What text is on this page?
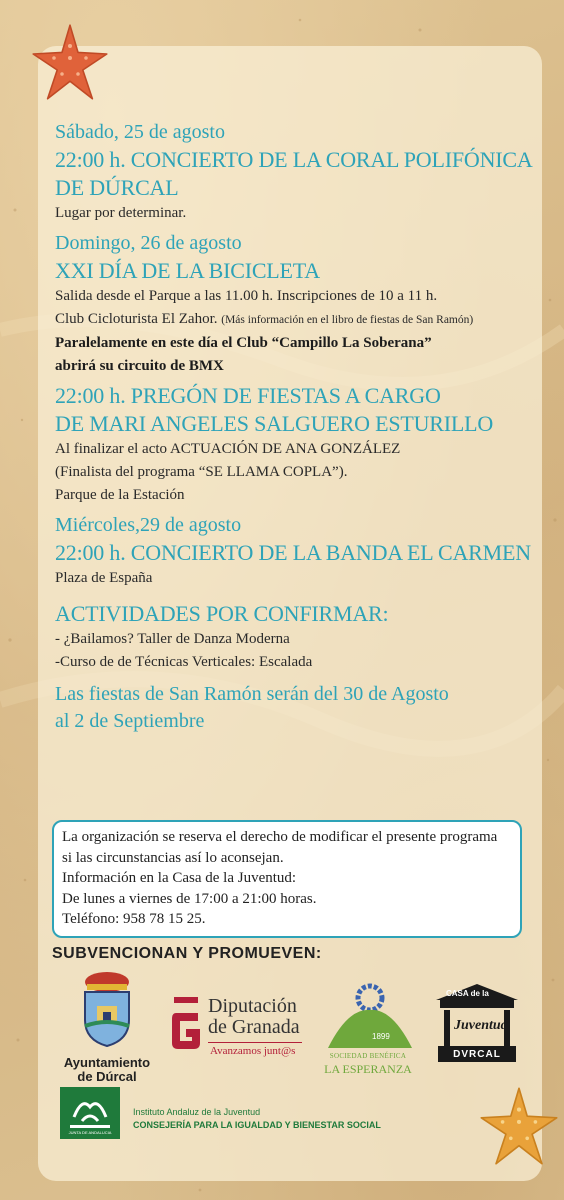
Sábado, 25 de agosto

22:00 h. CONCIERTO DE LA CORAL POLIFÓNICA

DE DÚRCAL

Lugar por determinar.

Domingo, 26 de agosto

XXI DÍA DE LA BICICLETA

Salida desde el Parque a las 11.00 h. Inscripciones de 10 a 11 h.

Club Cicloturista El Zahor. (Más información en el libro de fiestas de San Ramón)

Paralelamente en este día el Club “Campillo La Soberana”

abrirá su circuito de BMX

22:00 h. PREGÓN DE FIESTAS A CARGO

DE MARI ANGELES SALGUERO ESTURILLO

Al finalizar el acto ACTUACIÓN DE ANA GONZÁLEZ

(Finalista del programa “SE LLAMA COPLA”).

Parque de la Estación

Miércoles,29 de agosto

22:00 h. CONCIERTO DE LA BANDA EL CARMEN

Plaza de España

ACTIVIDADES POR CONFIRMAR:

- ¿Bailamos? Taller de Danza Moderna

-Curso de de Técnicas Verticales: Escalada

Las fiestas de San Ramón serán del 30 de Agosto

al 2 de Septiembre

La organización se reserva el derecho de modificar el presente programa

si las circunstancias así lo aconsejan.

Información en la Casa de la Juventud:

De lunes a viernes de 17:00 a 21:00 horas.

Teléfono: 958 78 15 25.

SUBVENCIONAN Y PROMUEVEN:
Ayuntamiento
de Dúrcal
Diputación
de Granada
Avanzamos junt@s
1899
SOCIEDAD BENÉFICA
LA ESPERANZA
CASA de la
Juventud
DVRCAL
JUNTA DE ANDALUCIA
Instituto Andaluz de la Juventud
CONSEJERÍA PARA LA IGUALDAD Y BIENESTAR SOCIAL
